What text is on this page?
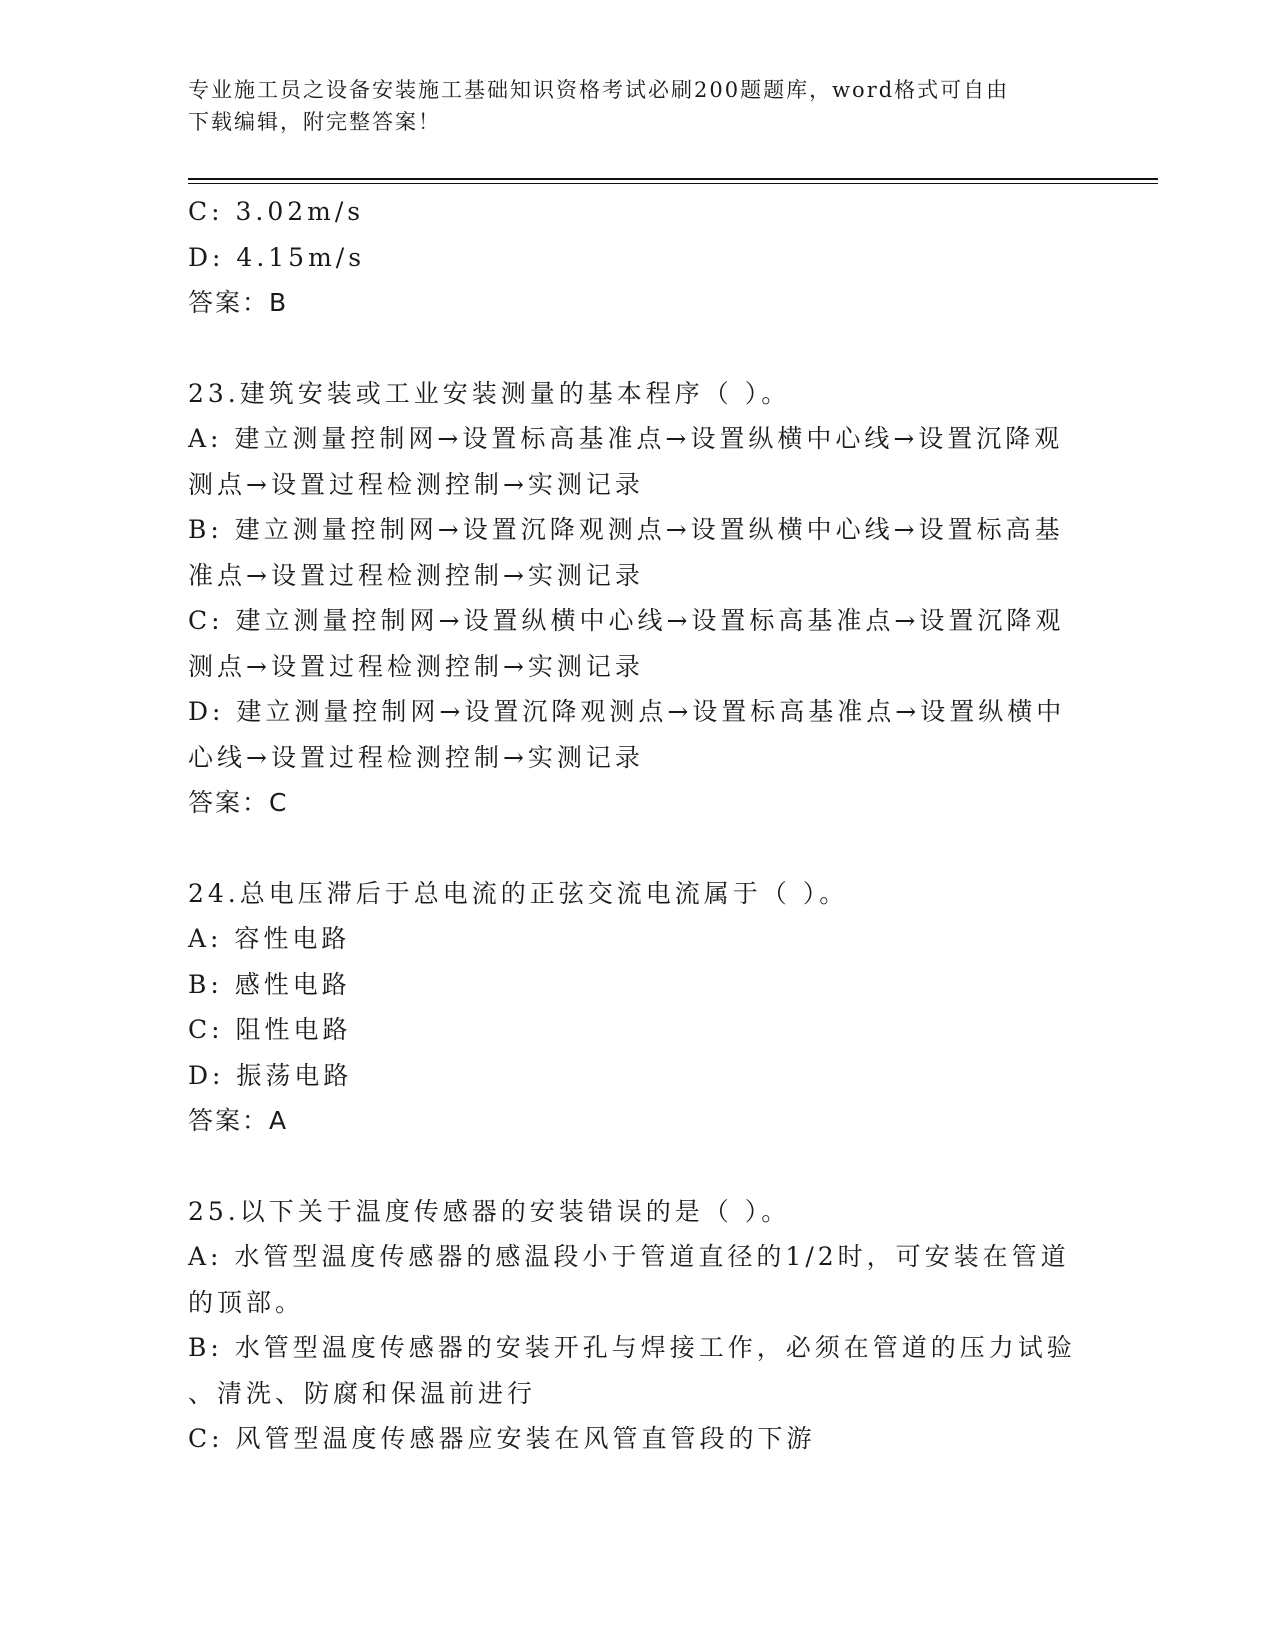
专业施工员之设备安装施工基础知识资格考试必刷200题题库，word格式可自由
下载编辑，附完整答案！
C: 3.02m/s
D: 4.15m/s
答案：B
23.建筑安装或工业安装测量的基本程序（ ）。
A: 建立测量控制网→设置标高基准点→设置纵横中心线→设置沉降观
测点→设置过程检测控制→实测记录
B: 建立测量控制网→设置沉降观测点→设置纵横中心线→设置标高基
准点→设置过程检测控制→实测记录
C: 建立测量控制网→设置纵横中心线→设置标高基准点→设置沉降观
测点→设置过程检测控制→实测记录
D: 建立测量控制网→设置沉降观测点→设置标高基准点→设置纵横中
心线→设置过程检测控制→实测记录
答案：C
24.总电压滞后于总电流的正弦交流电流属于（ ）。
A: 容性电路
B: 感性电路
C: 阻性电路
D: 振荡电路
答案：A
25.以下关于温度传感器的安装错误的是（ ）。
A: 水管型温度传感器的感温段小于管道直径的1/2时，可安装在管道
的顶部。
B: 水管型温度传感器的安装开孔与焊接工作，必须在管道的压力试验
、清洗、防腐和保温前进行
C: 风管型温度传感器应安装在风管直管段的下游
